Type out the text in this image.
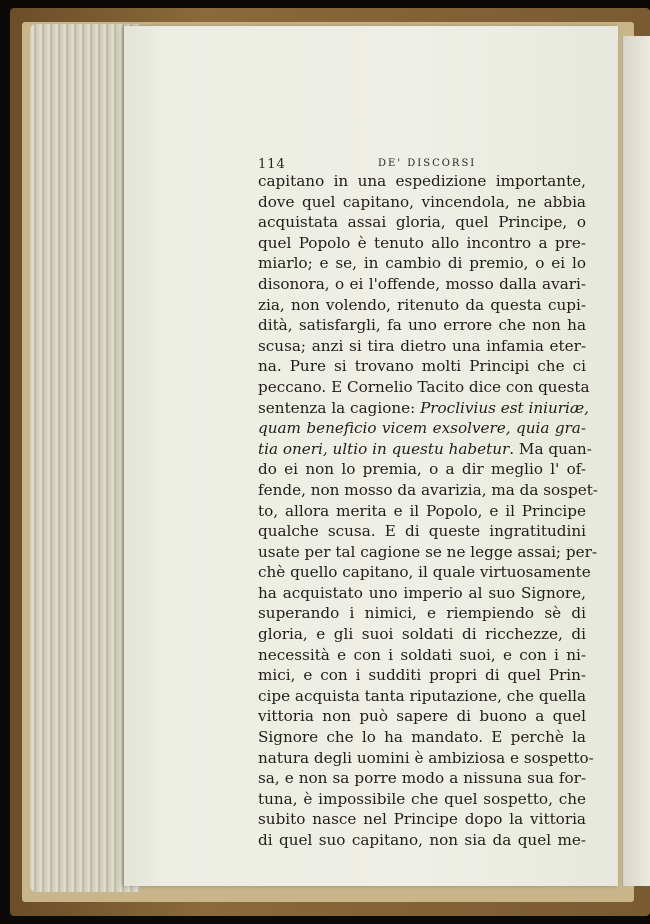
114	DE' DISCORSI
capitano in una espedizione importante,
dove quel capitano, vincendola, ne abbia
acquistata assai gloria, quel Principe, o
quel Popolo è tenuto allo incontro a pre-
miarlo; e se, in cambio di premio, o ei lo
disonora, o ei l'offende, mosso dalla avari-
zia, non volendo, ritenuto da questa cupi-
dità, satisfargli, fa uno errore che non ha
scusa; anzi si tira dietro una infamia eter-
na. Pure si trovano molti Principi che ci
peccano. E Cornelio Tacito dice con questa
sentenza la cagione: Proclivius est iniuriæ,
quam beneficio vicem exsolvere, quia gra-
tia oneri, ultio in questu habetur. Ma quan-
do ei non lo premia, o a dir meglio l' of-
fende, non mosso da avarizia, ma da sospet-
to, allora merita e il Popolo, e il Principe
qualche scusa. E di queste ingratitudini
usate per tal cagione se ne legge assai; per-
chè quello capitano, il quale virtuosamente
ha acquistato uno imperio al suo Signore,
superando i nimici, e riempiendo sè di
gloria, e gli suoi soldati di ricchezze, di
necessità e con i soldati suoi, e con i ni-
mici, e con i sudditi propri di quel Prin-
cipe acquista tanta riputazione, che quella
vittoria non può sapere di buono a quel
Signore che lo ha mandato. E perchè la
natura degli uomini è ambiziosa e sospetto-
sa, e non sa porre modo a nissuna sua for-
tuna, è impossibile che quel sospetto, che
subito nasce nel Principe dopo la vittoria
di quel suo capitano, non sia da quel me-
